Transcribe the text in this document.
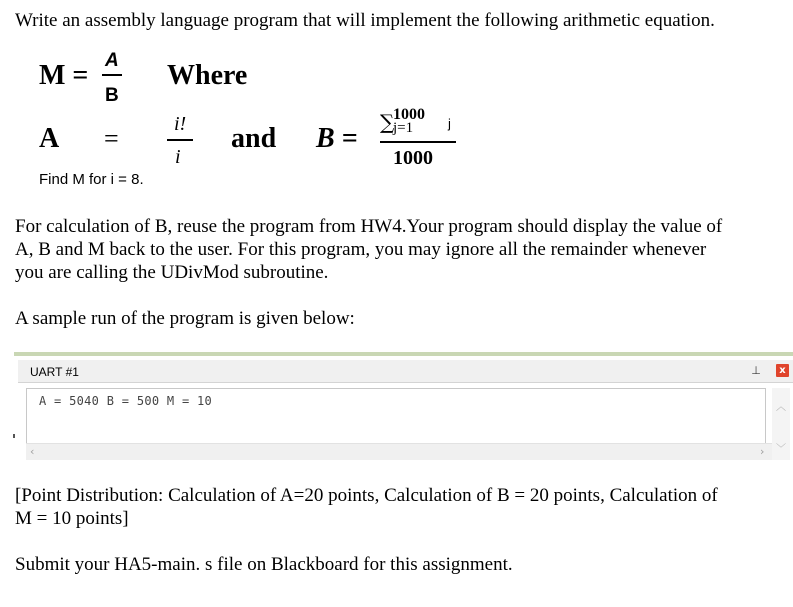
Write an assembly language program that will implement the following arithmetic equation.
M = A
B
Where
A =	i!
i
and B =
∑
1000
j=1	j
1000
Find M for i = 8.
For calculation of B, reuse the program from HW4.Your program should display the value of
A, B and M back to the user. For this program, you may ignore all the remainder whenever
you are calling the UDivMod subroutine.
A sample run of the program is given below:
UART #1	⊥	x
A = 5040 B = 500 M = 10	︿
﹀
‹	›
[Point Distribution: Calculation of A=20 points, Calculation of B = 20 points, Calculation of
M = 10 points]
Submit your HA5-main. s file on Blackboard for this assignment.
